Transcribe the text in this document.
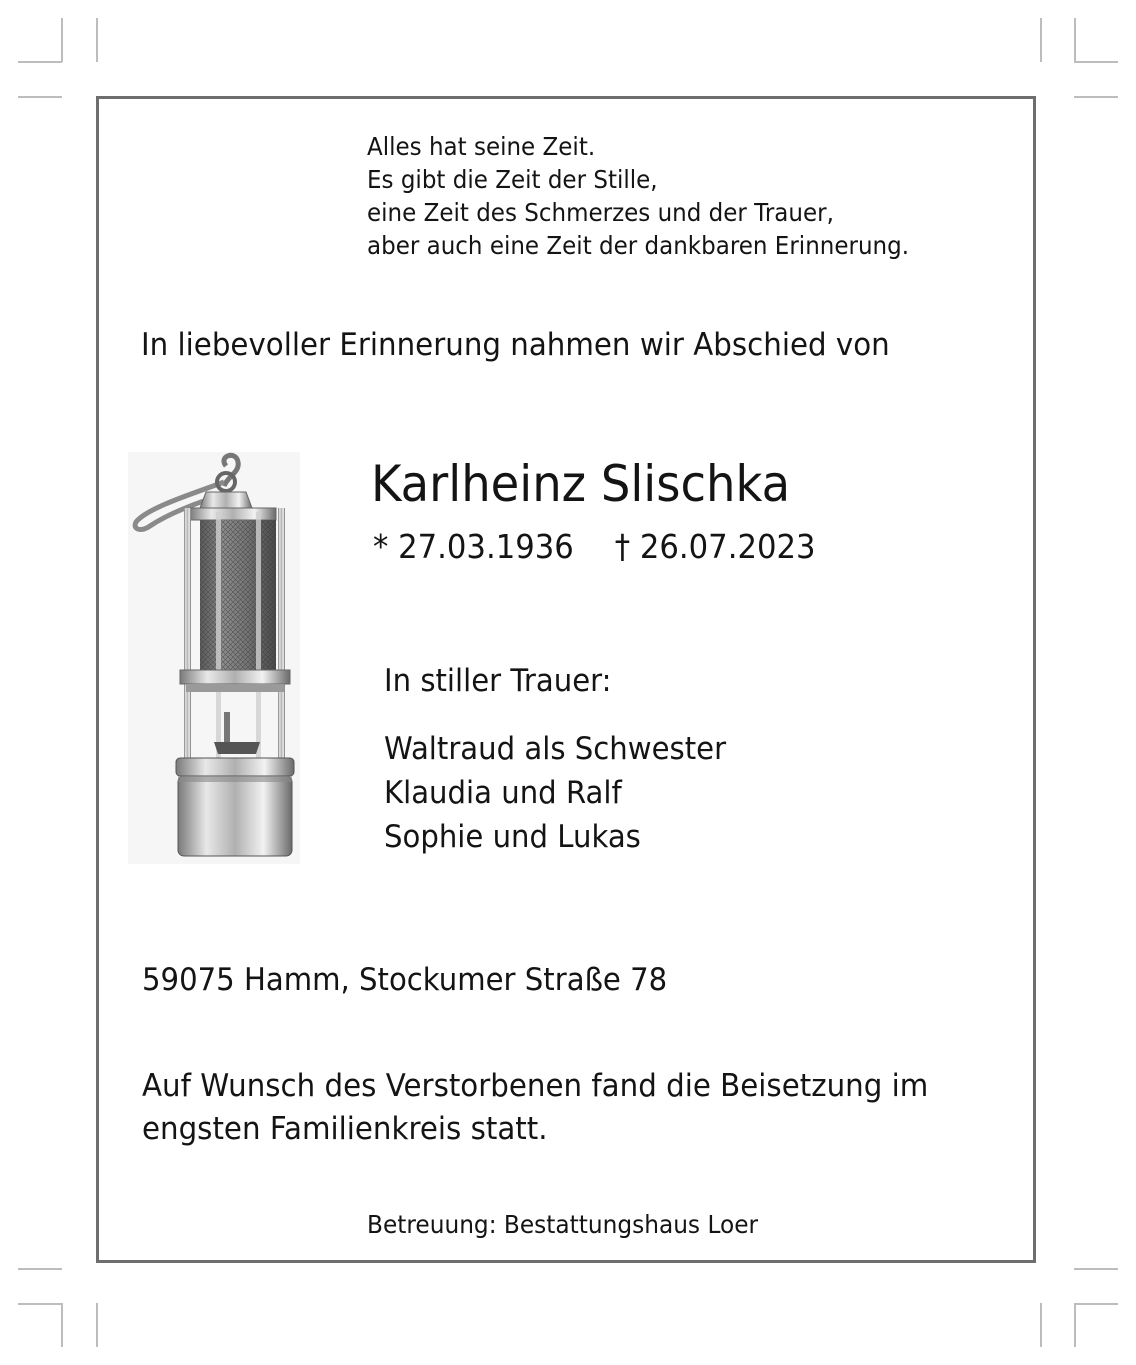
Alles hat seine Zeit.
Es gibt die Zeit der Stille,
eine Zeit des Schmerzes und der Trauer,
aber auch eine Zeit der dankbaren Erinnerung.
In liebevoller Erinnerung nahmen wir Abschied von
Karlheinz Slischka
* 27.03.1936 † 26.07.2023
In stiller Trauer:
Waltraud als Schwester
Klaudia und Ralf
Sophie und Lukas
59075 Hamm, Stockumer Straße 78
Auf Wunsch des Verstorbenen fand die Beisetzung im
engsten Familienkreis statt.
Betreuung: Bestattungshaus Loer
